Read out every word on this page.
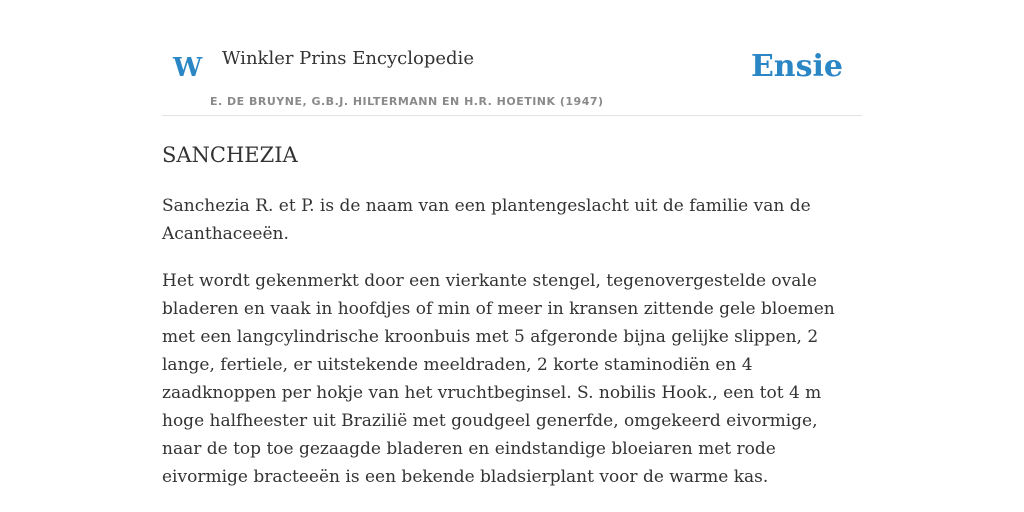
W Winkler Prins Encyclopedie
E. DE BRUYNE, G.B.J. HILTERMANN EN H.R. HOETINK (1947)
Ensie
SANCHEZIA

Sanchezia R. et P. is de naam van een plantengeslacht uit de familie van de Acanthaceeën.

Het wordt gekenmerkt door een vierkante stengel, tegenovergestelde ovale bladeren en vaak in hoofdjes of min of meer in kransen zittende gele bloemen met een langcylindrische kroonbuis met 5 afgeronde bijna gelijke slippen, 2 lange, fertiele, er uitstekende meeldraden, 2 korte staminodiën en 4 zaadknoppen per hokje van het vruchtbeginsel. S. nobilis Hook., een tot 4 m hoge halfheester uit Brazilië met goudgeel generfde, omgekeerd eivormige, naar de top toe gezaagde bladeren en eindstandige bloeiaren met rode eivormige bracteeën is een bekende bladsierplant voor de warme kas.
